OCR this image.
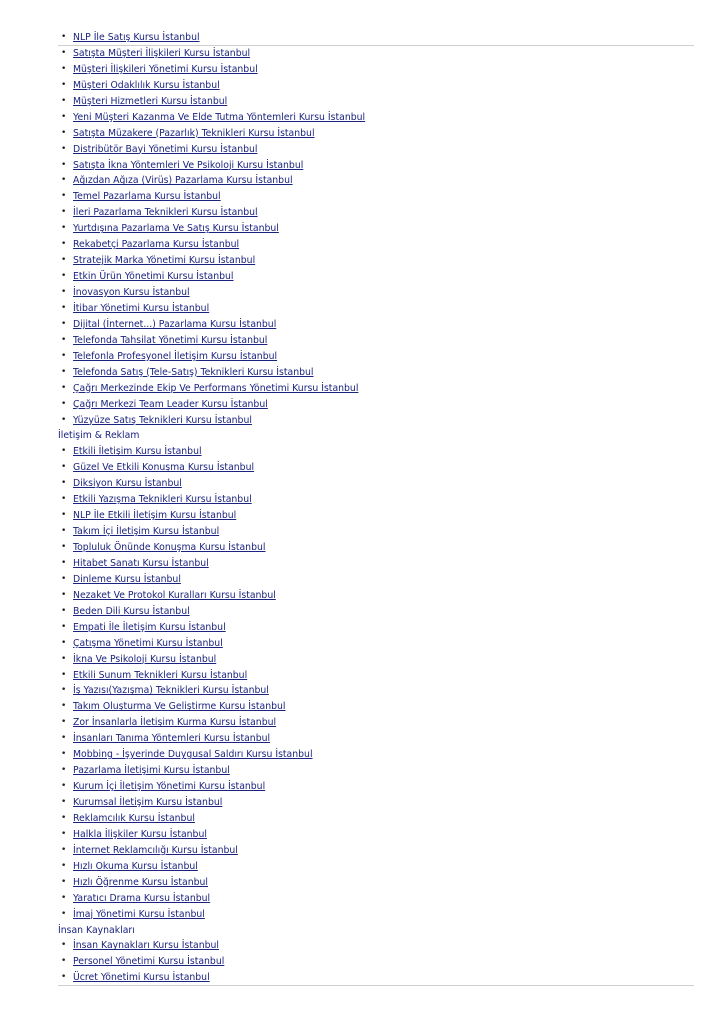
• NLP İle Satış Kursu İstanbul
• Satışta Müşteri İlişkileri Kursu İstanbul
• Müşteri İlişkileri Yönetimi Kursu İstanbul
• Müşteri Odaklılık Kursu İstanbul
• Müşteri Hizmetleri Kursu İstanbul
• Yeni Müşteri Kazanma Ve Elde Tutma Yöntemleri Kursu İstanbul
• Satışta Müzakere (Pazarlık) Teknikleri Kursu İstanbul
• Distribütör Bayi Yönetimi Kursu İstanbul
• Satışta İkna Yöntemleri Ve Psikoloji Kursu İstanbul
• Ağızdan Ağıza (Virüs) Pazarlama Kursu İstanbul
• Temel Pazarlama Kursu İstanbul
• İleri Pazarlama Teknikleri Kursu İstanbul
• Yurtdışına Pazarlama Ve Satış Kursu İstanbul
• Rekabetçi Pazarlama Kursu İstanbul
• Stratejik Marka Yönetimi Kursu İstanbul
• Etkin Ürün Yönetimi Kursu İstanbul
• İnovasyon Kursu İstanbul
• İtibar Yönetimi Kursu İstanbul
• Dijital (İnternet...) Pazarlama Kursu İstanbul
• Telefonda Tahsilat Yönetimi Kursu İstanbul
• Telefonla Profesyonel İletişim Kursu İstanbul
• Telefonda Satış (Tele-Satış) Teknikleri Kursu İstanbul
• Çağrı Merkezinde Ekip Ve Performans Yönetimi Kursu İstanbul
• Çağrı Merkezi Team Leader Kursu İstanbul
• Yüzyüze Satış Teknikleri Kursu İstanbul
İletişim & Reklam
• Etkili İletişim Kursu İstanbul
• Güzel Ve Etkili Konuşma Kursu İstanbul
• Diksiyon Kursu İstanbul
• Etkili Yazışma Teknikleri Kursu İstanbul
• NLP İle Etkili İletişim Kursu İstanbul
• Takım İçi İletişim Kursu İstanbul
• Topluluk Önünde Konuşma Kursu İstanbul
• Hitabet Sanatı Kursu İstanbul
• Dinleme Kursu İstanbul
• Nezaket Ve Protokol Kuralları Kursu İstanbul
• Beden Dili Kursu İstanbul
• Empati İle İletişim Kursu İstanbul
• Çatışma Yönetimi Kursu İstanbul
• İkna Ve Psikoloji Kursu İstanbul
• Etkili Sunum Teknikleri Kursu İstanbul
• İş Yazısı(Yazışma) Teknikleri Kursu İstanbul
• Takım Oluşturma Ve Geliştirme Kursu İstanbul
• Zor İnsanlarla İletişim Kurma Kursu İstanbul
• İnsanları Tanıma Yöntemleri Kursu İstanbul
• Mobbing - İşyerinde Duygusal Saldırı Kursu İstanbul
• Pazarlama İletişimi Kursu İstanbul
• Kurum İçi İletişim Yönetimi Kursu İstanbul
• Kurumsal İletişim Kursu İstanbul
• Reklamcılık Kursu İstanbul
• Halkla İlişkiler Kursu İstanbul
• İnternet Reklamcılığı Kursu İstanbul
• Hızlı Okuma Kursu İstanbul
• Hızlı Öğrenme Kursu İstanbul
• Yaratıcı Drama Kursu İstanbul
• İmaj Yönetimi Kursu İstanbul
İnsan Kaynakları
• İnsan Kaynakları Kursu İstanbul
• Personel Yönetimi Kursu İstanbul
• Ücret Yönetimi Kursu İstanbul
